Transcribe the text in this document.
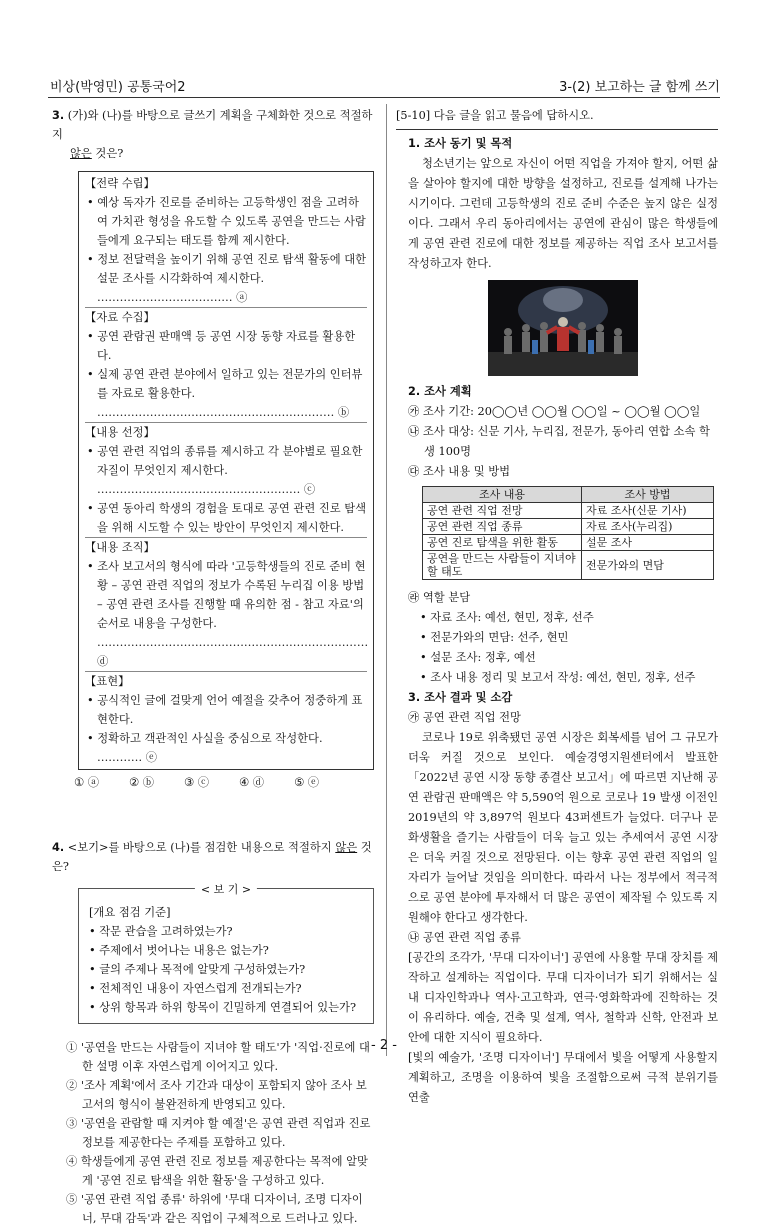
비상(박영민) 공통국어2	3-(2) 보고하는 글 함께 쓰기

3. (가)와 (나)를 바탕으로 글쓰기 계획을 구체화한 것으로 적절하지

않은 것은?

【전략 수립】
• 예상 독자가 진로를 준비하는 고등학생인 점을 고려하여 가치관 형성을 유도할 수 있도록 공연을 만드는 사람들에게 요구되는 태도를 함께 제시한다.
• 정보 전달력을 높이기 위해 공연 진로 탐색 활동에 대한 설문 조사를 시각화하여 제시한다. ……………………………… ⓐ
【자료 수집】
• 공연 관람권 판매액 등 공연 시장 동향 자료를 활용한다.
• 실제 공연 관련 분야에서 일하고 있는 전문가의 인터뷰를 자료로 활용한다. ……………………………………………………… ⓑ
【내용 선정】
• 공연 관련 직업의 종류를 제시하고 각 분야별로 필요한 자질이 무엇인지 제시한다. ……………………………………………… ⓒ
• 공연 동아리 학생의 경험을 토대로 공연 관련 진로 탐색을 위해 시도할 수 있는 방안이 무엇인지 제시한다.
【내용 조직】
• 조사 보고서의 형식에 따라 '고등학생들의 진로 준비 현황 – 공연 관련 직업의 정보가 수록된 누리집 이용 방법 – 공연 관련 조사를 진행할 때 유의한 점 - 참고 자료'의 순서로 내용을 구성한다. ……………………………………………………………… ⓓ
【표현】
• 공식적인 글에 걸맞게 언어 예절을 갖추어 정중하게 표현한다.
• 정확하고 객관적인 사실을 중심으로 작성한다. ………… ⓔ
① ⓐ	② ⓑ	③ ⓒ	④ ⓓ	⑤ ⓔ

4. <보기>를 바탕으로 (나)를 점검한 내용으로 적절하지 않은 것은?

< 보 기 >
[개요 점검 기준]
• 작문 관습을 고려하였는가?
• 주제에서 벗어나는 내용은 없는가?
• 글의 주제나 목적에 알맞게 구성하였는가?
• 전체적인 내용이 자연스럽게 전개되는가?
• 상위 항목과 하위 항목이 긴밀하게 연결되어 있는가?
① '공연을 만드는 사람들이 지녀야 할 태도'가 '직업·진로에 대한 설명 이후 자연스럽게 이어지고 있다.
② '조사 계획'에서 조사 기간과 대상이 포함되지 않아 조사 보고서의 형식이 불완전하게 반영되고 있다.
③ '공연을 관람할 때 지켜야 할 예절'은 공연 관련 직업과 진로 정보를 제공한다는 주제를 포함하고 있다.
④ 학생들에게 공연 관련 진로 정보를 제공한다는 목적에 알맞게 '공연 진로 탐색을 위한 활동'을 구성하고 있다.
⑤ '공연 관련 직업 종류' 하위에 '무대 디자이너, 조명 디자이너, 무대 감독'과 같은 직업이 구체적으로 드러나고 있다.

[5-10] 다음 글을 읽고 물음에 답하시오.

1. 조사 동기 및 목적
청소년기는 앞으로 자신이 어떤 직업을 가져야 할지, 어떤 삶을 살아야 할지에 대한 방향을 설정하고, 진로를 설계해 나가는 시기이다. 그런데 고등학생의 진로 준비 수준은 높지 않은 실정이다. 그래서 우리 동아리에서는 공연에 관심이 많은 학생들에게 공연 관련 진로에 대한 정보를 제공하는 직업 조사 보고서를 작성하고자 한다.
2. 조사 계획
㉮ 조사 기간: 20◯◯년 ◯◯월 ◯◯일 ~ ◯◯월 ◯◯일
㉯ 조사 대상: 신문 기사, 누리집, 전문가, 동아리 연합 소속 학생 100명
㉰ 조사 내용 및 방법
조사 내용	조사 방법
공연 관련 직업 전망	자료 조사(신문 기사)
공연 관련 직업 종류	자료 조사(누리집)
공연 진로 탐색을 위한 활동	설문 조사
공연을 만드는 사람들이 지녀야 할 태도	전문가와의 면담
㉱ 역할 분담
• 자료 조사: 예선, 현민, 정후, 선주
• 전문가와의 면담: 선주, 현민
• 설문 조사: 정후, 예선
• 조사 내용 정리 및 보고서 작성: 예선, 현민, 정후, 선주
3. 조사 결과 및 소감
㉮ 공연 관련 직업 전망
코로나 19로 위축됐던 공연 시장은 회복세를 넘어 그 규모가 더욱 커질 것으로 보인다. 예술경영지원센터에서 발표한 「2022년 공연 시장 동향 종결산 보고서」에 따르면 지난해 공연 관람권 판매액은 약 5,590억 원으로 코로나 19 발생 이전인 2019년의 약 3,897억 원보다 43퍼센트가 늘었다. 더구나 문화생활을 즐기는 사람들이 더욱 늘고 있는 추세여서 공연 시장은 더욱 커질 것으로 전망된다. 이는 향후 공연 관련 직업의 일자리가 늘어날 것임을 의미한다. 따라서 나는 정부에서 적극적으로 공연 분야에 투자해서 더 많은 공연이 제작될 수 있도록 지원해야 한다고 생각한다.
㉯ 공연 관련 직업 종류
[공간의 조각가, '무대 디자이너'] 공연에 사용할 무대 장치를 제작하고 설계하는 직업이다. 무대 디자이너가 되기 위해서는 실내 디자인학과나 역사·고고학과, 연극·영화학과에 진학하는 것이 유리하다. 예술, 건축 및 설계, 역사, 철학과 신학, 안전과 보안에 대한 지식이 필요하다.
[빛의 예술가, '조명 디자이너'] 무대에서 빛을 어떻게 사용할지 계획하고, 조명을 이용하여 빛을 조절함으로써 극적 분위기를 연출
- 2 -
